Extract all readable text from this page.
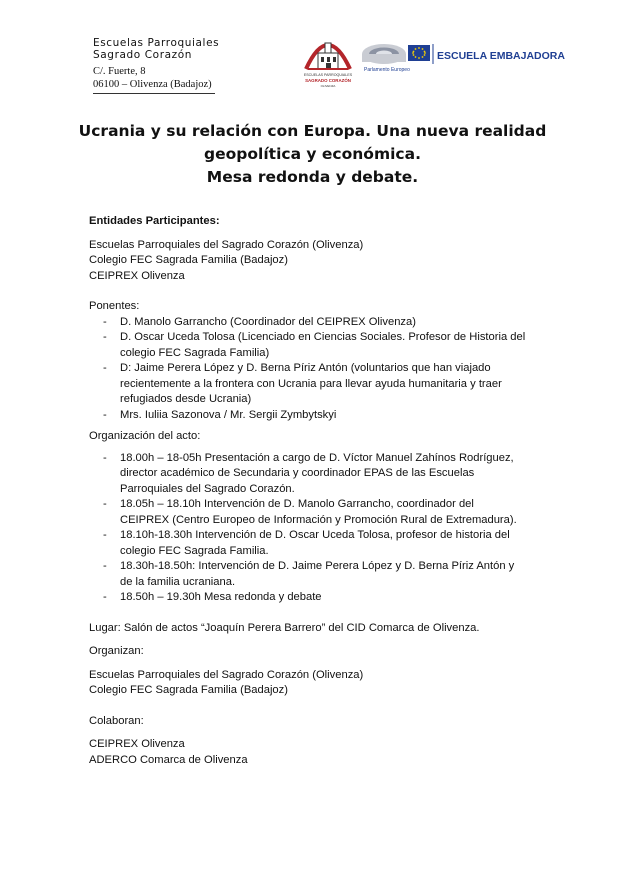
Escuelas Parroquiales
Sagrado Corazón
C/. Fuerte, 8
06100 – Olivenza (Badajoz)
ESCUELAS PARROQUIALES
SAGRADO CORAZÓN
OLIVENZA
ESCUELA EMBAJADORA
Parlamento Europeo
Ucrania y su relación con Europa. Una nueva realidad
geopolítica y económica.
Mesa redonda y debate.
Entidades Participantes:
Escuelas Parroquiales del Sagrado Corazón (Olivenza)
Colegio FEC Sagrada Familia (Badajoz)
CEIPREX Olivenza
Ponentes:
- D. Manolo Garrancho (Coordinador del CEIPREX Olivenza)
- D. Oscar Uceda Tolosa (Licenciado en Ciencias Sociales. Profesor de Historia del
colegio FEC Sagrada Familia)
- D: Jaime Perera López y D. Berna Píriz Antón (voluntarios que han viajado
recientemente a la frontera con Ucrania para llevar ayuda humanitaria y traer
refugiados desde Ucrania)
- Mrs. Iuliia Sazonova / Mr. Sergii Zymbytskyi
Organización del acto:
- 18.00h – 18-05h Presentación a cargo de D. Víctor Manuel Zahínos Rodríguez,
director académico de Secundaria y coordinador EPAS de las Escuelas
Parroquiales del Sagrado Corazón.
- 18.05h – 18.10h Intervención de D. Manolo Garrancho, coordinador del
CEIPREX (Centro Europeo de Información y Promoción Rural de Extremadura).
- 18.10h-18.30h Intervención de D. Oscar Uceda Tolosa, profesor de historia del
colegio FEC Sagrada Familia.
- 18.30h-18.50h: Intervención de D. Jaime Perera López y D. Berna Píriz Antón y
de la familia ucraniana.
- 18.50h – 19.30h Mesa redonda y debate
Lugar: Salón de actos “Joaquín Perera Barrero” del CID Comarca de Olivenza.
Organizan:
Escuelas Parroquiales del Sagrado Corazón (Olivenza)
Colegio FEC Sagrada Familia (Badajoz)
Colaboran:
CEIPREX Olivenza
ADERCO Comarca de Olivenza
